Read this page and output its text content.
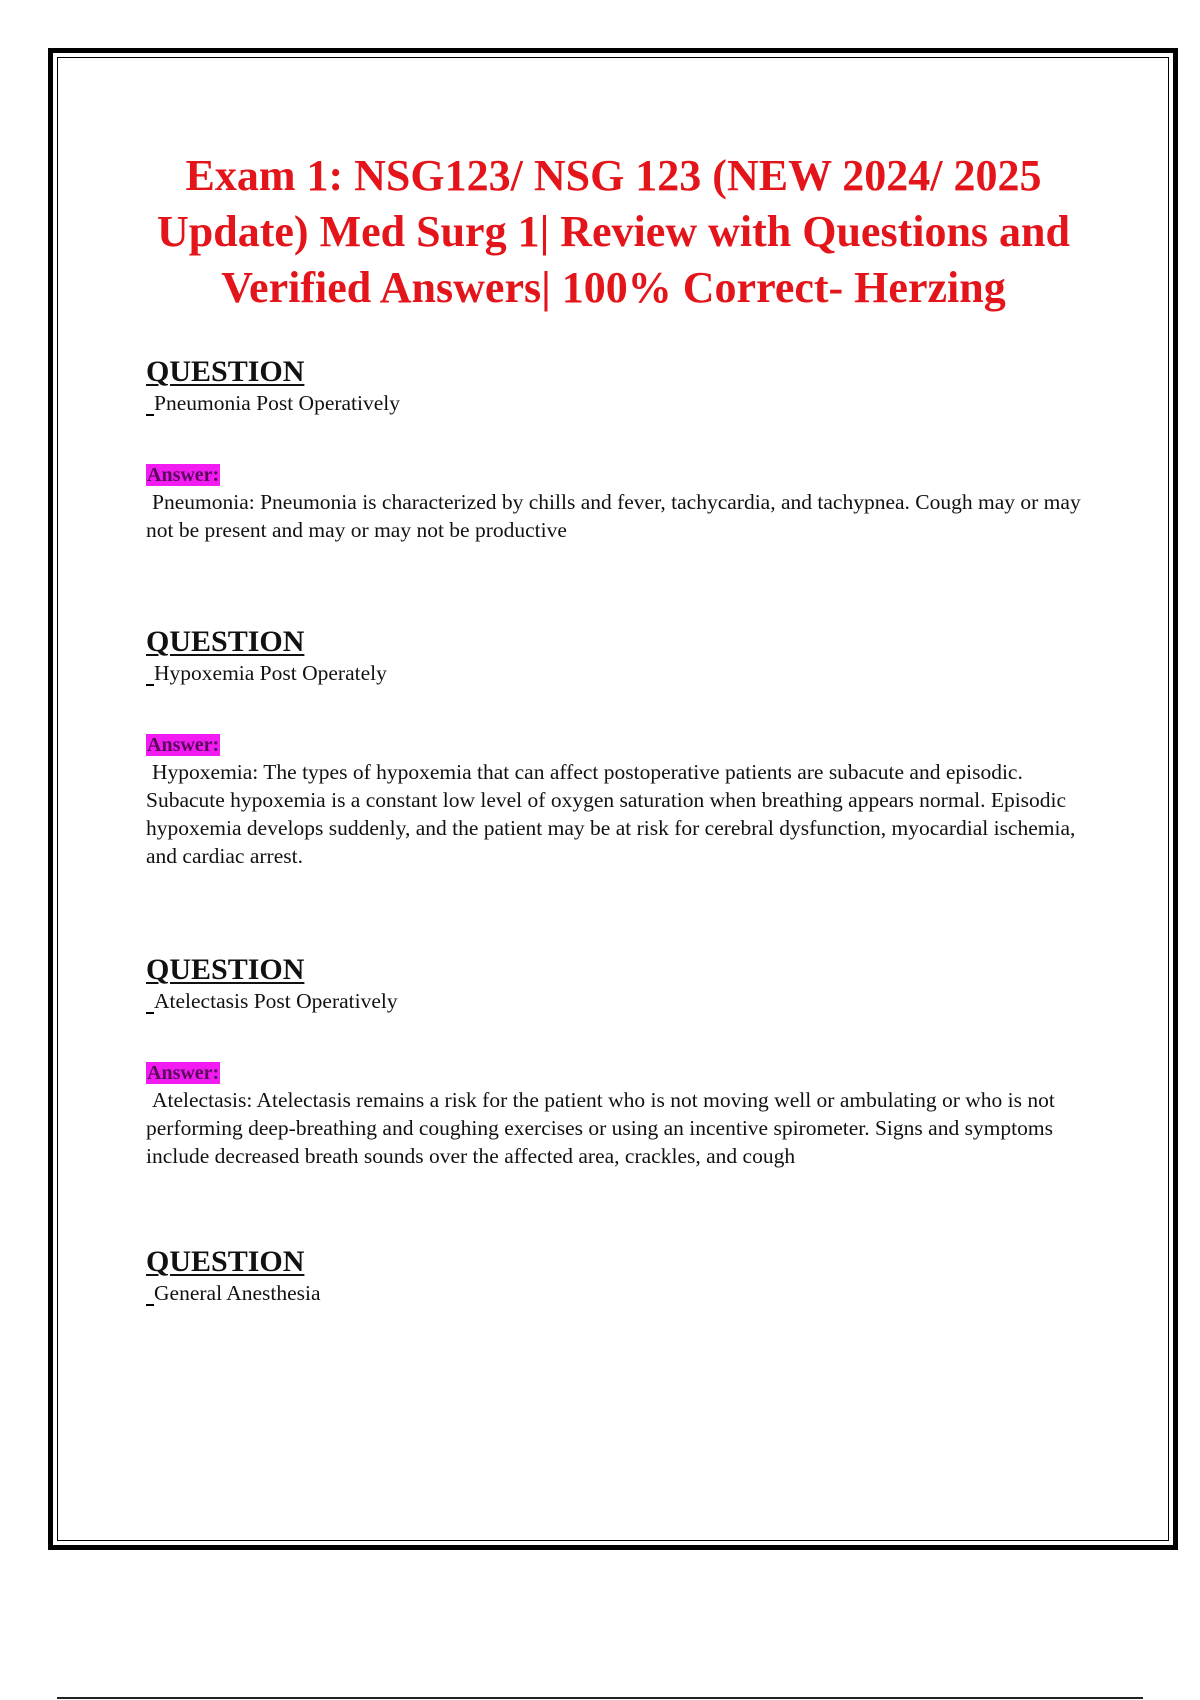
Exam 1: NSG123/ NSG 123 (NEW 2024/ 2025 Update) Med Surg 1| Review with Questions and Verified Answers| 100% Correct- Herzing
QUESTION
Pneumonia Post Operatively
Answer:
Pneumonia: Pneumonia is characterized by chills and fever, tachycardia, and tachypnea. Cough may or may not be present and may or may not be productive
QUESTION
Hypoxemia Post Operately
Answer:
Hypoxemia: The types of hypoxemia that can affect postoperative patients are subacute and episodic. Subacute hypoxemia is a constant low level of oxygen saturation when breathing appears normal. Episodic hypoxemia develops suddenly, and the patient may be at risk for cerebral dysfunction, myocardial ischemia, and cardiac arrest.
QUESTION
Atelectasis Post Operatively
Answer:
Atelectasis: Atelectasis remains a risk for the patient who is not moving well or ambulating or who is not performing deep-breathing and coughing exercises or using an incentive spirometer. Signs and symptoms include decreased breath sounds over the affected area, crackles, and cough
QUESTION
General Anesthesia
